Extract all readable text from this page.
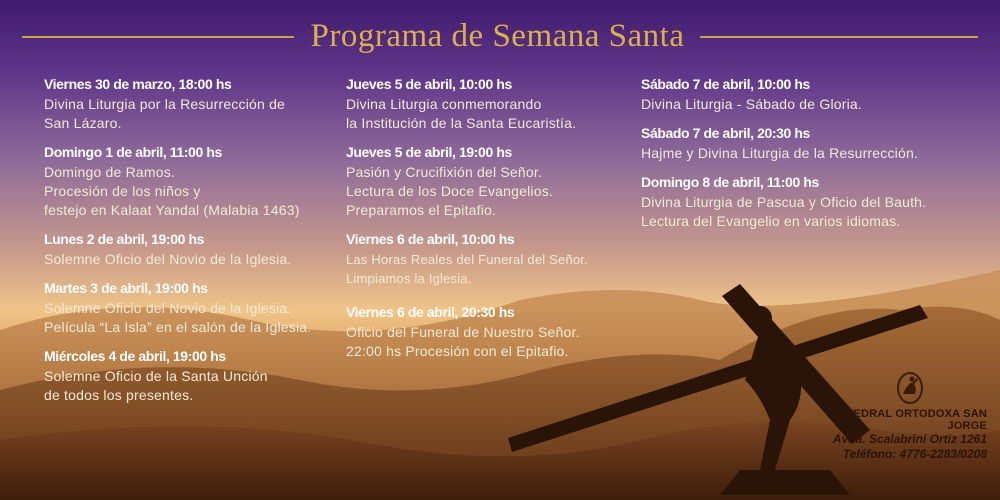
Programa de Semana Santa
Viernes 30 de marzo, 18:00 hs
Divina Liturgia por la Resurrección de
San Lázaro.
Domingo 1 de abril, 11:00 hs
Domingo de Ramos.
Procesión de los niños y
festejo en Kalaat Yandal (Malabia 1463)
Lunes 2 de abril, 19:00 hs
Solemne Oficio del Novio de la Iglesia.
Martes 3 de abril, 19:00 hs
Solemne Oficio del Novio de la Iglesia.
Película “La Isla” en el salón de la Iglesia.
Miércoles 4 de abril, 19:00 hs
Solemne Oficio de la Santa Unción
de todos los presentes.
Jueves 5 de abril, 10:00 hs
Divina Liturgia conmemorando
la Institución de la Santa Eucaristía.
Jueves 5 de abril, 19:00 hs
Pasión y Crucifixión del Señor.
Lectura de los Doce Evangelios.
Preparamos el Epitafio.
Viernes 6 de abril, 10:00 hs
Las Horas Reales del Funeral del Señor.
Limpiamos la Iglesia.
Viernes 6 de abril, 20:30 hs
Oficio del Funeral de Nuestro Señor.
22:00 hs Procesión con el Epitafio.
Sábado 7 de abril, 10:00 hs
Divina Liturgia - Sábado de Gloria.
Sábado 7 de abril, 20:30 hs
Hajme y Divina Liturgia de la Resurrección.
Domingo 8 de abril, 11:00 hs
Divina Liturgia de Pascua y Oficio del Bauth.
Lectura del Evangelio en varios idiomas.
CATEDRAL ORTODOXA SAN JORGE
Avda. Scalabrini Ortiz 1261
Teléfono: 4776-2283/0208
